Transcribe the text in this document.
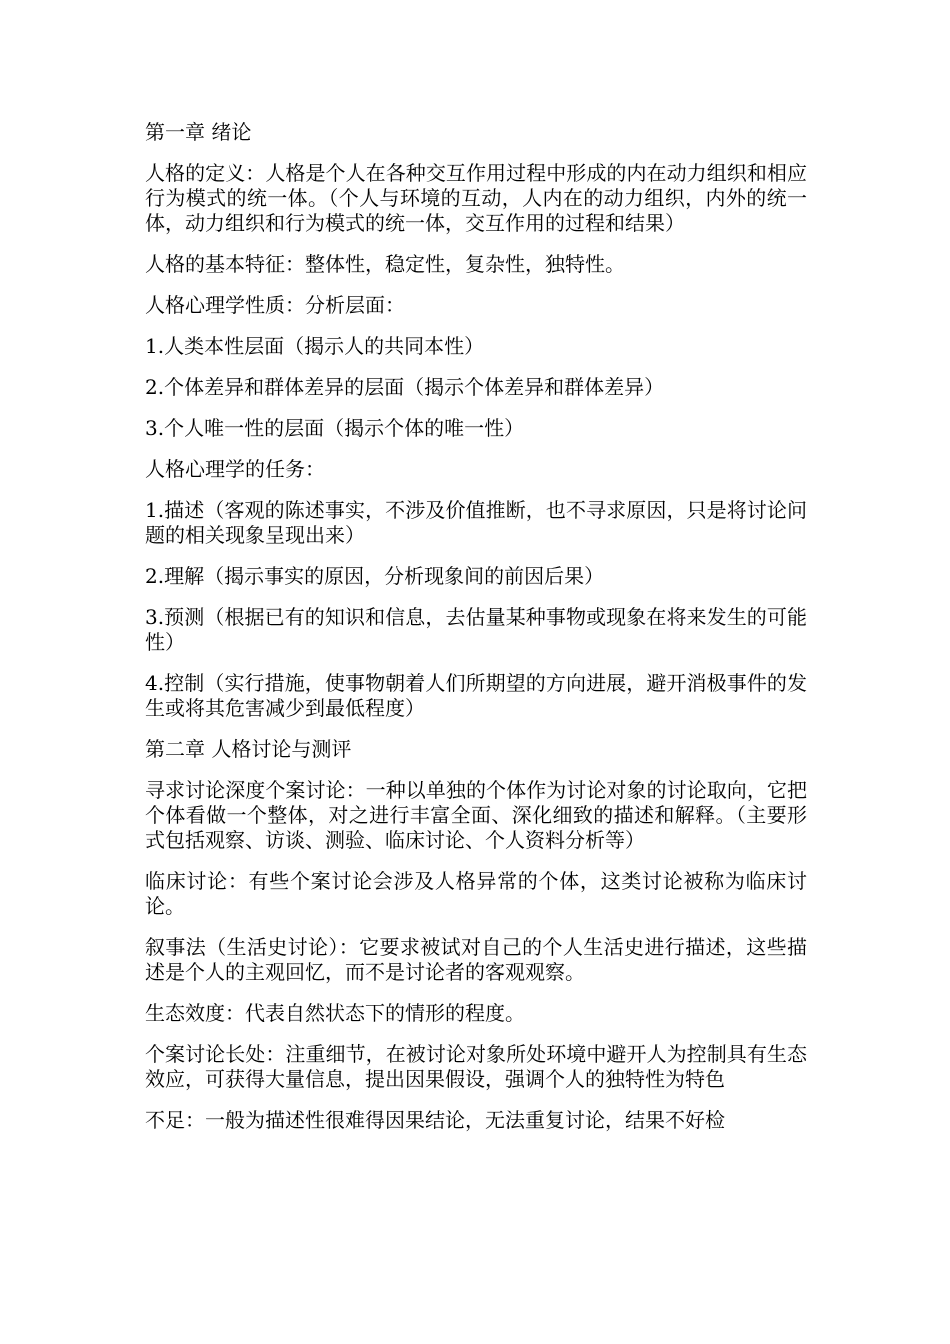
第一章 绪论

人格的定义：人格是个人在各种交互作用过程中形成的内在动力组织和相应行为模式的统一体。（个人与环境的互动，人内在的动力组织，内外的统一体，动力组织和行为模式的统一体，交互作用的过程和结果）

人格的基本特征：整体性，稳定性，复杂性，独特性。

人格心理学性质：分析层面：

1.人类本性层面（揭示人的共同本性）

2.个体差异和群体差异的层面（揭示个体差异和群体差异）

3.个人唯一性的层面（揭示个体的唯一性）

人格心理学的任务：

1.描述（客观的陈述事实，不涉及价值推断，也不寻求原因，只是将讨论问题的相关现象呈现出来）

2.理解（揭示事实的原因，分析现象间的前因后果）

3.预测（根据已有的知识和信息，去估量某种事物或现象在将来发生的可能性）

4.控制（实行措施，使事物朝着人们所期望的方向进展，避开消极事件的发生或将其危害减少到最低程度）

第二章 人格讨论与测评

寻求讨论深度个案讨论：一种以单独的个体作为讨论对象的讨论取向，它把个体看做一个整体，对之进行丰富全面、深化细致的描述和解释。（主要形式包括观察、访谈、测验、临床讨论、个人资料分析等）

临床讨论：有些个案讨论会涉及人格异常的个体，这类讨论被称为临床讨论。

叙事法（生活史讨论）：它要求被试对自己的个人生活史进行描述，这些描述是个人的主观回忆，而不是讨论者的客观观察。

生态效度：代表自然状态下的情形的程度。

个案讨论长处：注重细节，在被讨论对象所处环境中避开人为控制具有生态效应，可获得大量信息，提出因果假设，强调个人的独特性为特色

不足：一般为描述性很难得因果结论，无法重复讨论，结果不好检
